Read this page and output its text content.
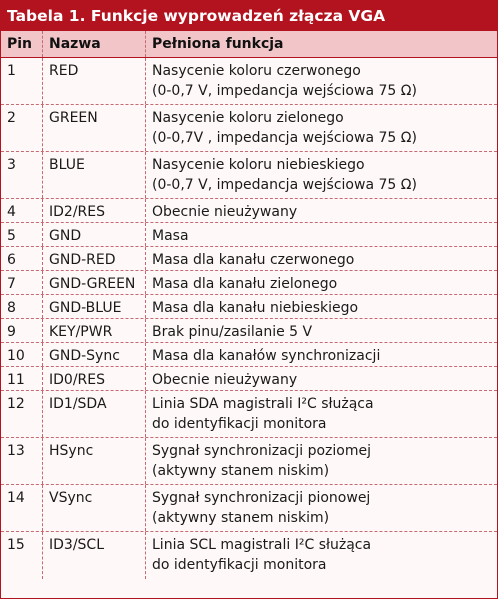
Tabela 1. Funkcje wyprowadzeń złącza VGA
Pin	Nazwa	Pełniona funkcja
1	RED	Nasycenie koloru czerwonego
(0-0,7 V, impedancja wejściowa 75 Ω)
2	GREEN	Nasycenie koloru zielonego
(0-0,7V , impedancja wejściowa 75 Ω)
3	BLUE	Nasycenie koloru niebieskiego
(0-0,7 V, impedancja wejściowa 75 Ω)
4	ID2/RES	Obecnie nieużywany
5	GND	Masa
6	GND-RED	Masa dla kanału czerwonego
7	GND-GREEN	Masa dla kanału zielonego
8	GND-BLUE	Masa dla kanału niebieskiego
9	KEY/PWR	Brak pinu/zasilanie 5 V
10	GND-Sync	Masa dla kanałów synchronizacji
11	ID0/RES	Obecnie nieużywany
12	ID1/SDA	Linia SDA magistrali I²C służąca
do identyfikacji monitora
13	HSync	Sygnał synchronizacji poziomej
(aktywny stanem niskim)
14	VSync	Sygnał synchronizacji pionowej
(aktywny stanem niskim)
15	ID3/SCL	Linia SCL magistrali I²C służąca
do identyfikacji monitora
